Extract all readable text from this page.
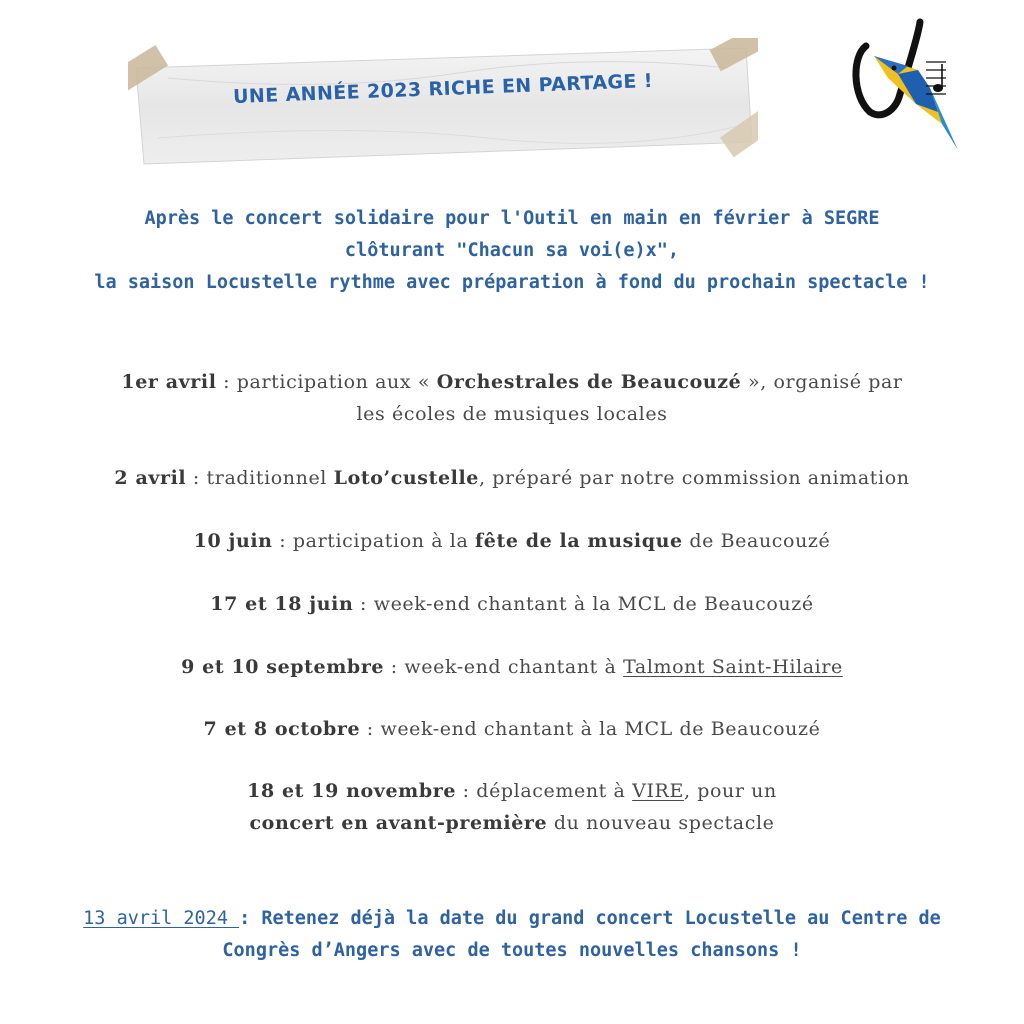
UNE ANNÉE 2023 RICHE EN PARTAGE !
Après le concert solidaire pour l'Outil en main en février à SEGRE
clôturant "Chacun sa voi(e)x",
la saison Locustelle rythme avec préparation à fond du prochain spectacle !
1er avril : participation aux « Orchestrales de Beaucouzé », organisé par
les écoles de musiques locales
2 avril : traditionnel Loto’custelle, préparé par notre commission animation
10 juin : participation à la fête de la musique de Beaucouzé
17 et 18 juin : week-end chantant à la MCL de Beaucouzé
9 et 10 septembre : week-end chantant à Talmont Saint-Hilaire
7 et 8 octobre : week-end chantant à la MCL de Beaucouzé
18 et 19 novembre : déplacement à VIRE, pour un
concert en avant-première du nouveau spectacle
13 avril 2024 : Retenez déjà la date du grand concert Locustelle au Centre de
Congrès d’Angers avec de toutes nouvelles chansons !
